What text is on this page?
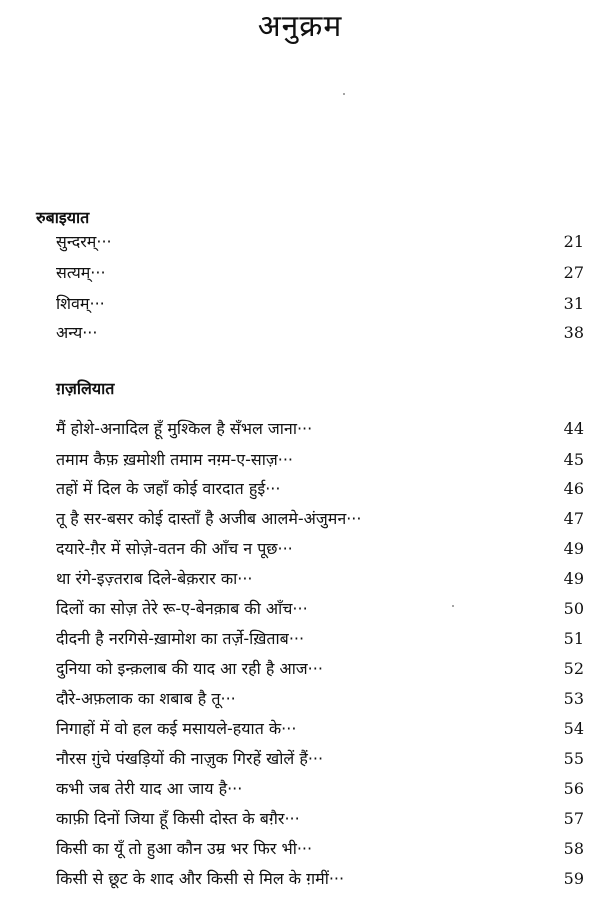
अनुक्रम
रुबाइयात
सुन्दरम्···	21
सत्यम्···	27
शिवम्···	31
अन्य···	38
ग़ज़लियात
मैं होशे-अनादिल हूँ मुश्किल है सँभल जाना···	44
तमाम कैफ़ ख़मोशी तमाम नग़्म-ए-साज़···	45
तहों में दिल के जहाँ कोई वारदात हुई···	46
तू है सर-बसर कोई दास्ताँ है अजीब आलमे-अंजुमन···	47
दयारे-ग़ैर में सोज़े-वतन की आँच न पूछ···	49
था रंगे-इज़्तराब दिले-बेक़रार का···	49
दिलों का सोज़ तेरे रू-ए-बेनक़ाब की आँच···	50
दीदनी है नरगिसे-ख़ामोश का तर्ज़े-ख़िताब···	51
दुनिया को इन्क़लाब की याद आ रही है आज···	52
दौरे-अफ़लाक का शबाब है तू···	53
निगाहों में वो हल कई मसायले-हयात के···	54
नौरस ग़ुंचे पंखड़ियों की नाज़ुक गिरहें खोलें हैं···	55
कभी जब तेरी याद आ जाय है···	56
काफ़ी दिनों जिया हूँ किसी दोस्त के बग़ैर···	57
किसी का यूँ तो हुआ कौन उम्र भर फिर भी···	58
किसी से छूट के शाद और किसी से मिल के ग़मीं···	59
